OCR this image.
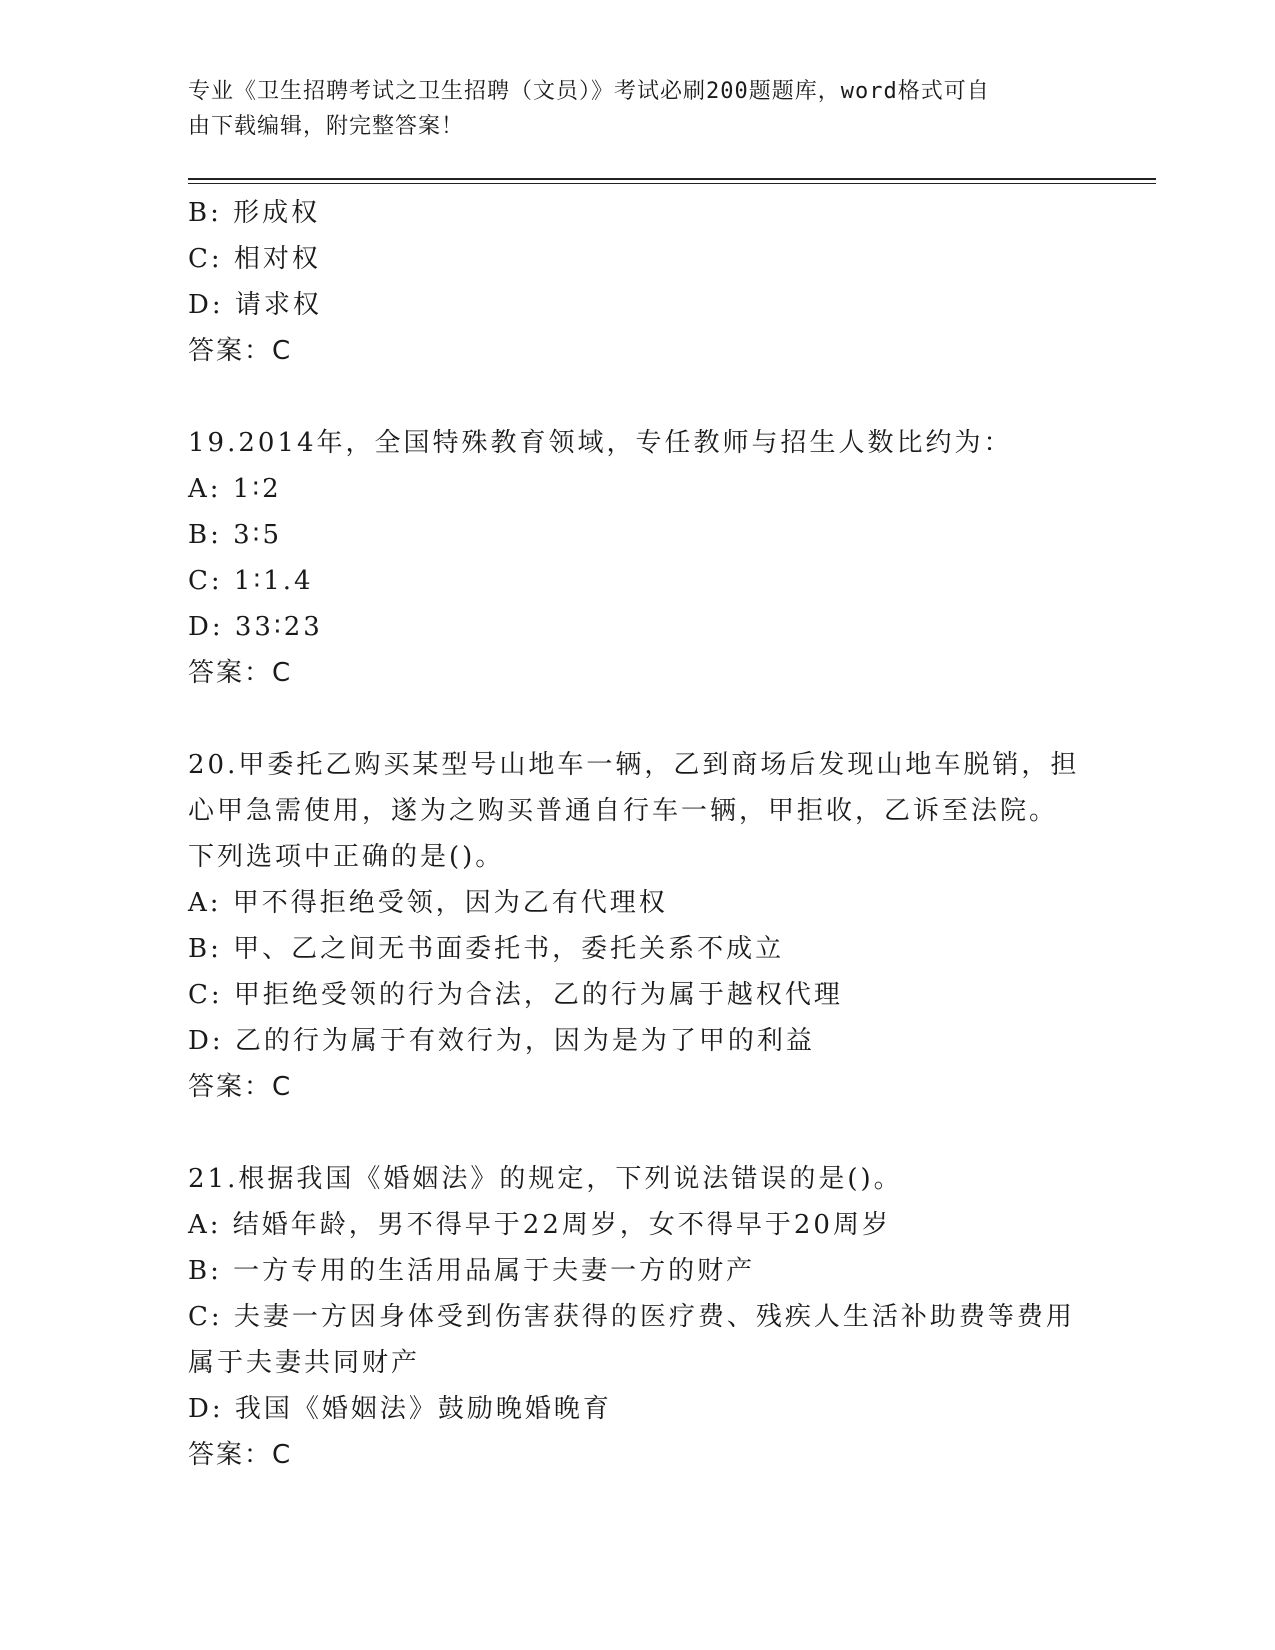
专业《卫生招聘考试之卫生招聘（文员）》考试必刷200题题库，word格式可自
由下载编辑，附完整答案！
B: 形成权
C: 相对权
D: 请求权
答案：C
19.2014年，全国特殊教育领域，专任教师与招生人数比约为：
A: 1∶2
B: 3∶5
C: 1∶1.4
D: 33∶23
答案：C
20.甲委托乙购买某型号山地车一辆，乙到商场后发现山地车脱销，担
心甲急需使用，遂为之购买普通自行车一辆，甲拒收，乙诉至法院。
下列选项中正确的是()。
A: 甲不得拒绝受领，因为乙有代理权
B: 甲、乙之间无书面委托书，委托关系不成立
C: 甲拒绝受领的行为合法，乙的行为属于越权代理
D: 乙的行为属于有效行为，因为是为了甲的利益
答案：C
21.根据我国《婚姻法》的规定，下列说法错误的是()。
A: 结婚年龄，男不得早于22周岁，女不得早于20周岁
B: 一方专用的生活用品属于夫妻一方的财产
C: 夫妻一方因身体受到伤害获得的医疗费、残疾人生活补助费等费用
属于夫妻共同财产
D: 我国《婚姻法》鼓励晚婚晚育
答案：C
